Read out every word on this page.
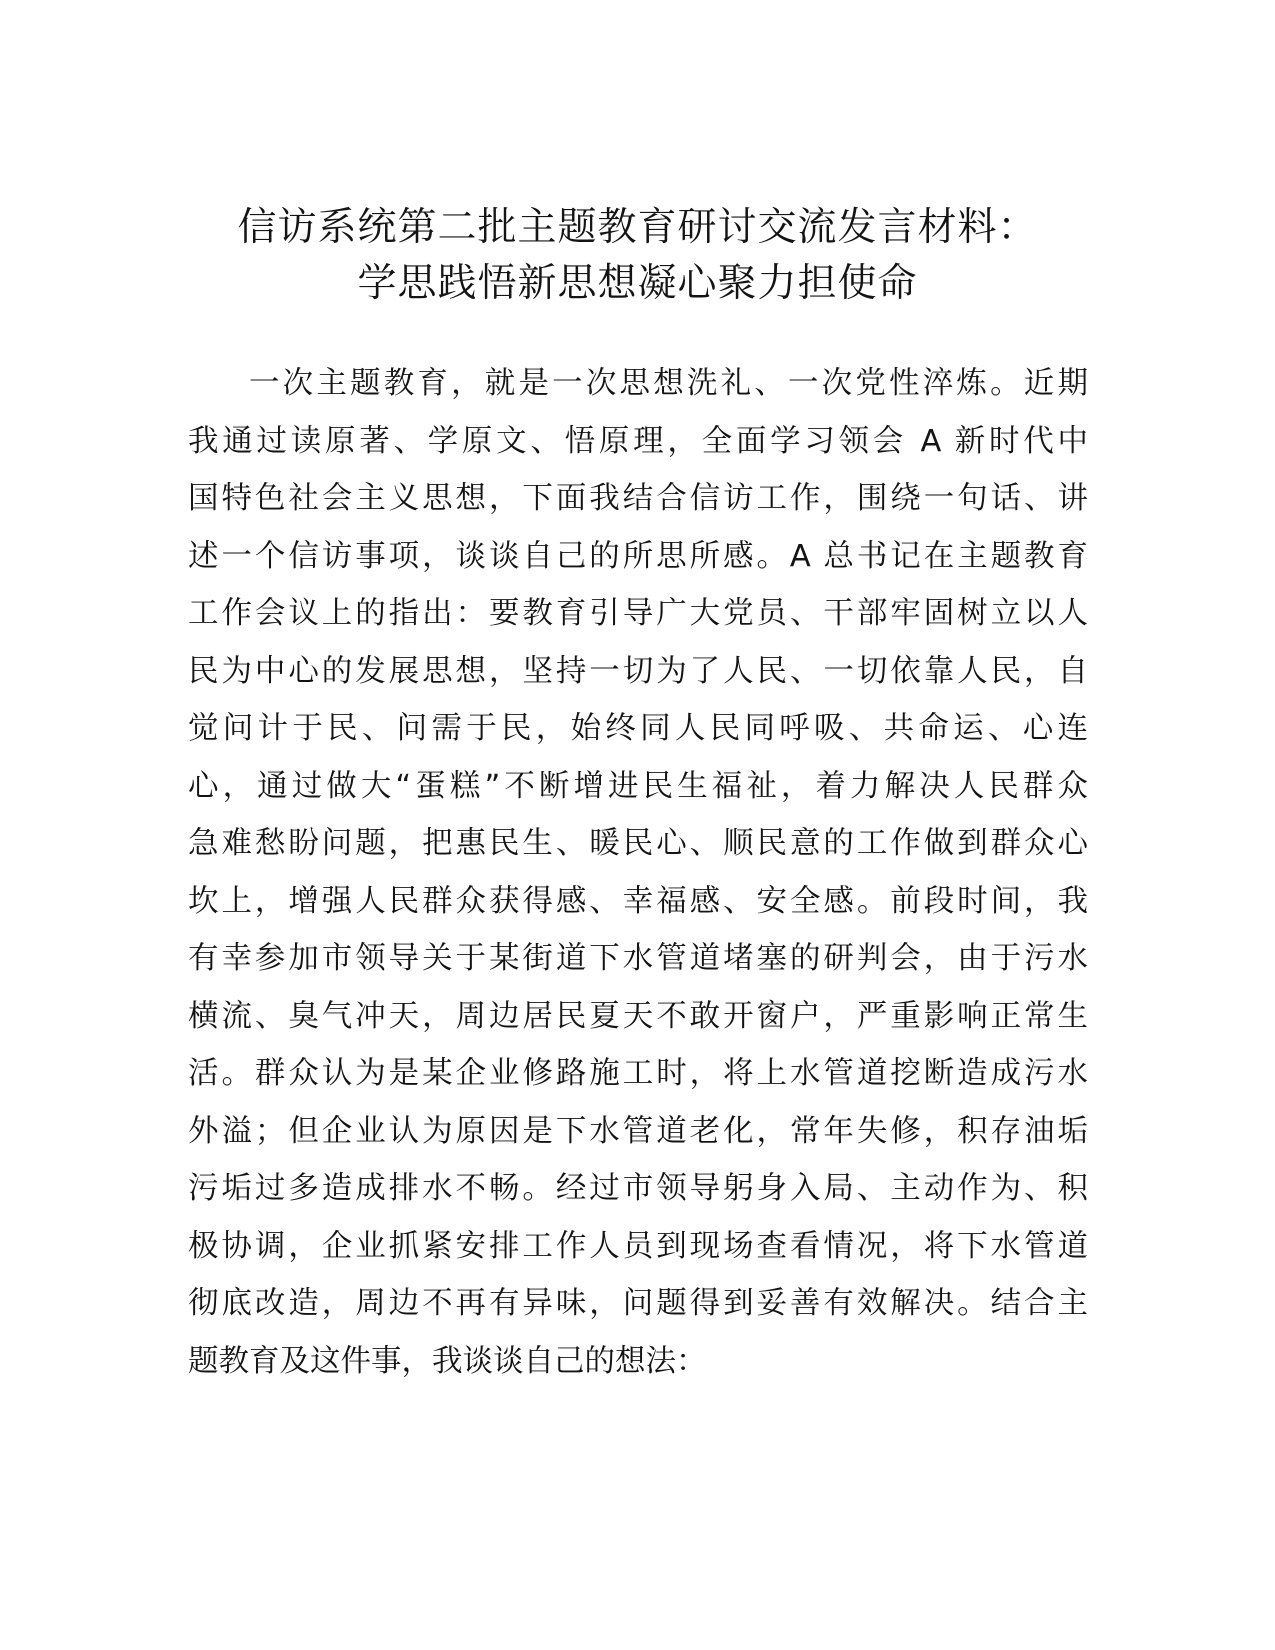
信访系统第二批主题教育研讨交流发言材料：
学思践悟新思想凝心聚力担使命
一次主题教育，就是一次思想洗礼、一次党性淬炼。近期
我通过读原著、学原文、悟原理，全面学习领会 A 新时代中
国特色社会主义思想，下面我结合信访工作，围绕一句话、讲
述一个信访事项，谈谈自己的所思所感。A 总书记在主题教育
工作会议上的指出：要教育引导广大党员、干部牢固树立以人
民为中心的发展思想，坚持一切为了人民、一切依靠人民，自
觉问计于民、问需于民，始终同人民同呼吸、共命运、心连
心，通过做大“蛋糕”不断增进民生福祉，着力解决人民群众
急难愁盼问题，把惠民生、暖民心、顺民意的工作做到群众心
坎上，增强人民群众获得感、幸福感、安全感。前段时间，我
有幸参加市领导关于某街道下水管道堵塞的研判会，由于污水
横流、臭气冲天，周边居民夏天不敢开窗户，严重影响正常生
活。群众认为是某企业修路施工时，将上水管道挖断造成污水
外溢；但企业认为原因是下水管道老化，常年失修，积存油垢
污垢过多造成排水不畅。经过市领导躬身入局、主动作为、积
极协调，企业抓紧安排工作人员到现场查看情况，将下水管道
彻底改造，周边不再有异味，问题得到妥善有效解决。结合主
题教育及这件事，我谈谈自己的想法：
